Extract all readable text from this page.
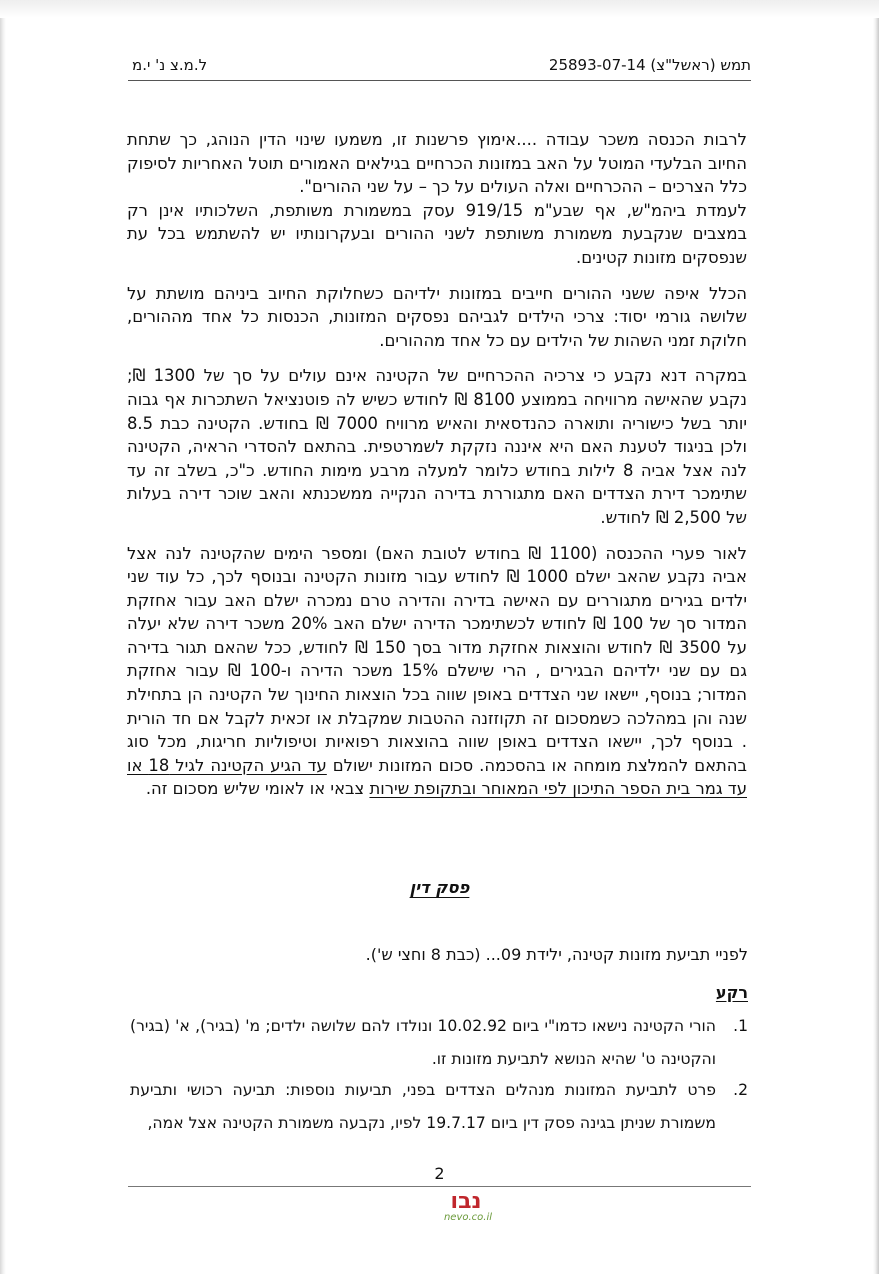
תמש (ראשל"צ) 25893-07-14
ל.מ.צ נ' י.מ

לרבות הכנסה משכר עבודה ....אימוץ פרשנות זו, משמעו שינוי הדין הנוהג, כך שתחת החיוב הבלעדי המוטל על האב במזונות הכרחיים בגילאים האמורים תוטל האחריות לסיפוק כלל הצרכים – ההכרחיים ואלה העולים על כך – על שני ההורים".

לעמדת ביהמ"ש, אף שבע"מ 919/15 עסק במשמורת משותפת, השלכותיו אינן רק במצבים שנקבעת משמורת משותפת לשני ההורים ובעקרונותיו יש להשתמש בכל עת שנפסקים מזונות קטינים.

הכלל איפה ששני ההורים חייבים במזונות ילדיהם כשחלוקת החיוב ביניהם מושתת על שלושה גורמי יסוד: צרכי הילדים לגביהם נפסקים המזונות, הכנסות כל אחד מההורים, חלוקת זמני השהות של הילדים עם כל אחד מההורים.

במקרה דנא נקבע כי צרכיה ההכרחיים של הקטינה אינם עולים על סך של 1300 ₪; נקבע שהאישה מרוויחה בממוצע 8100 ₪ לחודש כשיש לה פוטנציאל השתכרות אף גבוה יותר בשל כישוריה ותוארה כהנדסאית והאיש מרוויח 7000 ₪ בחודש. הקטינה כבת 8.5 ולכן בניגוד לטענת האם היא איננה נזקקת לשמרטפית. בהתאם להסדרי הראיה, הקטינה לנה אצל אביה 8 לילות בחודש כלומר למעלה מרבע מימות החודש. כ"כ, בשלב זה עד שתימכר דירת הצדדים האם מתגוררת בדירה הנקייה ממשכנתא והאב שוכר דירה בעלות של 2,500 ₪ לחודש.

לאור פערי ההכנסה (1100 ₪ בחודש לטובת האם) ומספר הימים שהקטינה לנה אצל אביה נקבע שהאב ישלם 1000 ₪ לחודש עבור מזונות הקטינה ובנוסף לכך, כל עוד שני ילדים בגירים מתגוררים עם האישה בדירה והדירה טרם נמכרה ישלם האב עבור אחזקת המדור סך של 100 ₪ לחודש לכשתימכר הדירה ישלם האב 20% משכר דירה שלא יעלה על 3500 ₪ לחודש והוצאות אחזקת מדור בסך 150 ₪ לחודש, ככל שהאם תגור בדירה גם עם שני ילדיהם הבגירים , הרי שישלם 15% משכר הדירה ו-100 ₪ עבור אחזקת המדור; בנוסף, יישאו שני הצדדים באופן שווה בכל הוצאות החינוך של הקטינה הן בתחילת שנה והן במהלכה כשמסכום זה תקוזזנה ההטבות שמקבלת או זכאית לקבל אם חד הורית . בנוסף לכך, יישאו הצדדים באופן שווה בהוצאות רפואיות וטיפוליות חריגות, מכל סוג בהתאם להמלצת מומחה או בהסכמה. סכום המזונות ישולם עד הגיע הקטינה לגיל 18 או עד גמר בית הספר התיכון לפי המאוחר ובתקופת שירות צבאי או לאומי שליש מסכום זה.

פסק דין
לפניי תביעת מזונות קטינה, ילידת 09... (כבת 8 וחצי ש').
רקע
1.
הורי הקטינה נישאו כדמו"י ביום 10.02.92 ונולדו להם שלושה ילדים; מ' (בגיר), א' (בגיר) והקטינה ט' שהיא הנושא לתביעת מזונות זו.
2.
פרט לתביעת המזונות מנהלים הצדדים בפני, תביעות נוספות: תביעה רכושי ותביעת משמורת שניתן בגינה פסק דין ביום 19.7.17 לפיו, נקבעה משמורת הקטינה אצל אמה,
2
נבו
nevo.co.il
